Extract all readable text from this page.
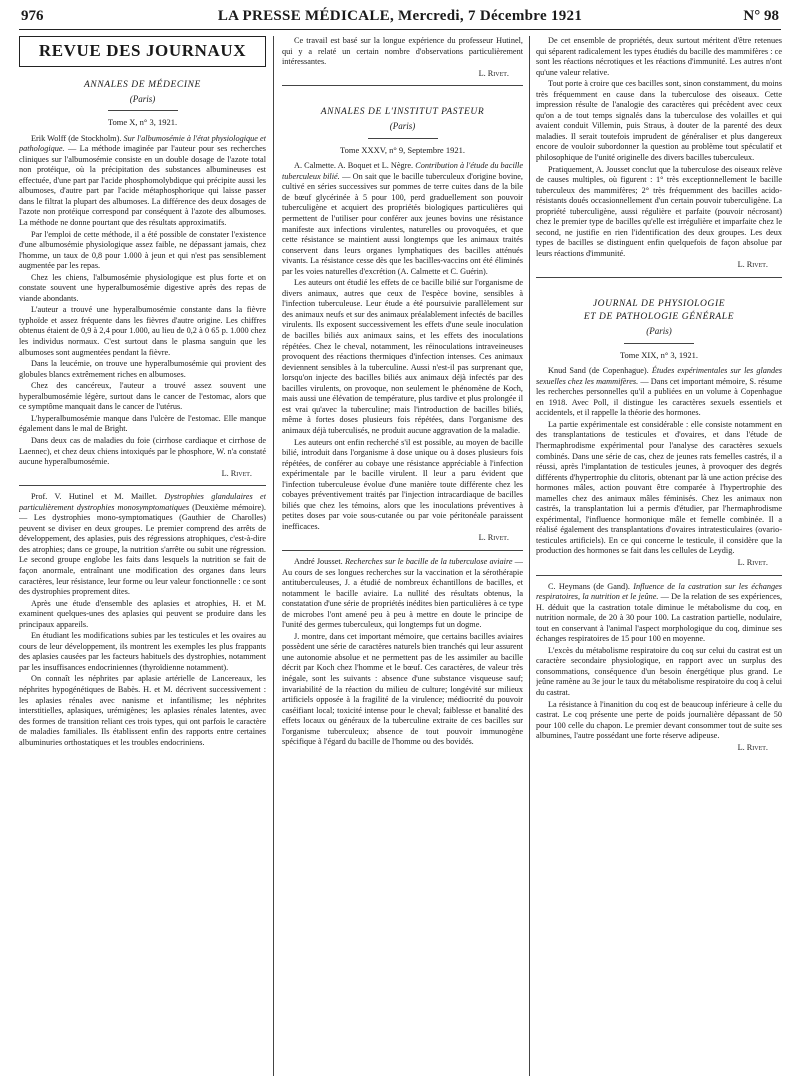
976	LA PRESSE MÉDICALE, Mercredi, 7 Décembre 1921	N° 98
REVUE DES JOURNAUX
ANNALES DE MÉDECINE
(Paris)
Tome X, n° 3, 1921.
Erik Wolff (de Stockholm). Sur l'albumosémie à l'état physiologique et pathologique. — La méthode imaginée par l'auteur pour ses recherches cliniques sur l'albumosémie consiste en un double dosage de l'azote total non protéique, où la précipitation des substances albumineuses est effectuée, d'une part par l'acide phosphomolybdique qui précipite aussi les albumoses, d'autre part par l'acide métaphosphorique qui laisse passer dans le filtrat la plupart des albumoses. La différence des deux dosages de l'azote non protéique correspond par conséquent à l'azote des albumoses. La méthode ne donne pourtant que des résultats approximatifs.
Par l'emploi de cette méthode, il a été possible de constater l'existence d'une albumosémie physiologique assez faible, ne dépassant jamais, chez l'homme, un taux de 0,8 pour 1.000 à jeun et qui n'est pas sensiblement augmentée par les repas.
Chez les chiens, l'albumosémie physiologique est plus forte et on constate souvent une hyperalbumosémie digestive après des repas de viande abondants.
L'auteur a trouvé une hyperalbumosémie constante dans la fièvre typhoïde et assez fréquente dans les fièvres d'autre origine. Les chiffres obtenus étaient de 0,9 à 2,4 pour 1.000, au lieu de 0,2 à 0 65 p. 1.000 chez les individus normaux. C'est surtout dans le plasma sanguin que les albumoses sont augmentées pendant la fièvre.
Dans la leucémie, on trouve une hyperalbumosémie qui provient des globules blancs extrêmement riches en albumoses.
Chez des cancéreux, l'auteur a trouvé assez souvent une hyperalbumosémie légère, surtout dans le cancer de l'estomac, alors que ce symptôme manquait dans le cancer de l'utérus.
L'hyperalbumosémie manque dans l'ulcère de l'estomac. Elle manque également dans le mal de Bright.
Dans deux cas de maladies du foie (cirrhose cardiaque et cirrhose de Laennec), et chez deux chiens intoxiqués par le phosphore, W. n'a constaté aucune hyperalbumosémie.
L. Rivet.
Prof. V. Hutinel et M. Maillet. Dystrophies glandulaires et particulièrement dystrophies monosymptomatiques (Deuxième mémoire). — Les dystrophies mono-symptomatiques (Gauthier de Charolles) peuvent se diviser en deux groupes. Le premier comprend des arrêts de développement, des aplasies, puis des régressions atrophiques, c'est-à-dire des atrophies; dans ce groupe, la nutrition s'arrête ou subit une régression. Le second groupe englobe les faits dans lesquels la nutrition se fait de façon anormale, entraînant une modification des organes dans leurs caractères, leur résistance, leur forme ou leur valeur fonctionnelle : ce sont des dystrophies proprement dites.
Après une étude d'ensemble des aplasies et atrophies, H. et M. examinent quelques-unes des aplasies qui peuvent se produire dans les principaux appareils.
En étudiant les modifications subies par les testicules et les ovaires au cours de leur développement, ils montrent les exemples les plus frappants des aplasies causées par les facteurs habituels des dystrophies, notamment par les insuffisances endocriniennes (thyroïdienne notamment).
On connaît les néphrites par aplasie artérielle de Lancereaux, les néphrites hypogénétiques de Babès. H. et M. décrivent successivement : les aplasies rénales avec nanisme et infantilisme; les néphrites interstitielles, aplasiques, urémigènes; les aplasies rénales latentes, avec des formes de transition reliant ces trois types, qui ont parfois le caractère de maladies familiales. Ils établissent enfin des rapports entre certaines albuminuries orthostatiques et les troubles endocriniens.
Ce travail est basé sur la longue expérience du professeur Hutinel, qui y a relaté un certain nombre d'observations particulièrement intéressantes.
L. Rivet.
ANNALES DE L'INSTITUT PASTEUR
(Paris)
Tome XXXV, n° 9, Septembre 1921.
A. Calmette. A. Boquet et L. Nègre. Contribution à l'étude du bacille tuberculeux bilié. — On sait que le bacille tuberculeux d'origine bovine, cultivé en séries successives sur pommes de terre cuites dans de la bile de bœuf glycérinée à 5 pour 100, perd graduellement son pouvoir tuberculigène et acquiert des propriétés biologiques particulières qui permettent de l'utiliser pour conférer aux jeunes bovins une résistance manifeste aux infections virulentes, naturelles ou provoquées, et que cette résistance se maintient aussi longtemps que les animaux traités conservent dans leurs organes lymphatiques des bacilles atténués vivants. La résistance cesse dès que les bacilles-vaccins ont été éliminés par les voies naturelles d'excrétion (A. Calmette et C. Guérin).
Les auteurs ont étudié les effets de ce bacille bilié sur l'organisme de divers animaux, autres que ceux de l'espèce bovine, sensibles à l'infection tuberculeuse. Leur étude a été poursuivie parallèlement sur des animaux neufs et sur des animaux préalablement infectés de bacilles virulents. Ils exposent successivement les effets d'une seule inoculation de bacilles biliés aux animaux sains, et les effets des inoculations répétées. Chez le cheval, notamment, les réinoculations intraveineuses provoquent des réactions thermiques d'infection intenses. Ces animaux deviennent sensibles à la tuberculine. Aussi n'est-il pas surprenant que, lorsqu'on injecte des bacilles biliés aux animaux déjà infectés par des bacilles virulents, on provoque, non seulement le phénomène de Koch, mais aussi une élévation de température, plus tardive et plus prolongée il est vrai qu'avec la tuberculine; mais l'introduction de bacilles biliés, même à fortes doses plusieurs fois répétées, dans l'organisme des animaux déjà tuberculisés, ne produit aucune aggravation de la maladie.
Les auteurs ont enfin recherché s'il est possible, au moyen de bacille bilié, introduit dans l'organisme à dose unique ou à doses plusieurs fois répétées, de conférer au cobaye une résistance appréciable à l'infection expérimentale par le bacille virulent. Il leur a paru évident que l'infection tuberculeuse évolue d'une manière toute différente chez les cobayes préventivement traités par l'injection intracardiaque de bacilles biliés que chez les témoins, alors que les inoculations préventives à petites doses par voie sous-cutanée ou par voie péritonéale paraissent inefficaces.
L. Rivet.
André Jousset. Recherches sur le bacille de la tuberculose aviaire — Au cours de ses longues recherches sur la vaccination et la sérothérapie antituberculeuses, J. a étudié de nombreux échantillons de bacilles, et notamment le bacille aviaire. La nullité des résultats obtenus, la constatation d'une série de propriétés inédites bien particulières à ce type de microbes l'ont amené peu à peu à mettre en doute le principe de l'unité des germes tuberculeux, qui longtemps fut un dogme.
J. montre, dans cet important mémoire, que certains bacilles aviaires possèdent une série de caractères naturels bien tranchés qui leur assurent une autonomie absolue et ne permettent pas de les assimiler au bacille décrit par Koch chez l'homme et le bœuf. Ces caractères, de valeur très inégale, sont les suivants : absence d'une substance visqueuse sauf; invariabilité de la réaction du milieu de culture; longévité sur milieux artificiels opposée à la fragilité de la virulence; médiocrité du pouvoir caséifiant local; toxicité intense pour le cheval; faiblesse et banalité des effets locaux ou généraux de la tuberculine extraite de ces bacilles sur l'organisme tuberculeux; absence de tout pouvoir immunogène spécifique à l'égard du bacille de l'homme ou des bovidés.
De cet ensemble de propriétés, deux surtout méritent d'être retenues qui séparent radicalement les types étudiés du bacille des mammifères : ce sont les réactions nécrotiques et les réactions d'immunité. Les autres n'ont qu'une valeur relative.
Tout porte à croire que ces bacilles sont, sinon constamment, du moins très fréquemment en cause dans la tuberculose des oiseaux. Cette impression résulte de l'analogie des caractères qui précèdent avec ceux qu'on a de tout temps signalés dans la tuberculose des volailles et qui avaient conduit Villemin, puis Straus, à douter de la parenté des deux maladies. Il serait toutefois imprudent de généraliser et plus dangereux encore de vouloir subordonner la question au problème tout spéculatif et philosophique de l'unité originelle des divers bacilles tuberculeux.
Pratiquement, A. Jousset conclut que la tuberculose des oiseaux relève de causes multiples, où figurent : 1° très exceptionnellement le bacille tuberculeux des mammifères; 2° très fréquemment des bacilles acido-résistants doués occasionnellement d'un certain pouvoir tuberculigène. La propriété tuberculigène, aussi régulière et parfaite (pouvoir nécrosant) chez le premier type de bacilles qu'elle est irrégulière et imparfaite chez le second, ne justifie en rien l'identification des deux groupes. Les deux types de bacilles se distinguent enfin quelquefois de façon absolue par leurs réactions d'immunité.
L. Rivet.
JOURNAL DE PHYSIOLOGIE
ET DE PATHOLOGIE GÉNÉRALE
(Paris)
Tome XIX, n° 3, 1921.
Knud Sand (de Copenhague). Études expérimentales sur les glandes sexuelles chez les mammifères. — Dans cet important mémoire, S. résume les recherches personnelles qu'il a publiées en un volume à Copenhague en 1918. Avec Poll, il distingue les caractères sexuels essentiels et accidentels, et il rappelle la théorie des hormones.
La partie expérimentale est considérable : elle consiste notamment en des transplantations de testicules et d'ovaires, et dans l'étude de l'hermaphrodisme expérimental pour l'analyse des caractères sexuels combinés. Dans une série de cas, chez de jeunes rats femelles castrés, il a réussi, après l'implantation de testicules jeunes, à provoquer des degrés différents d'hypertrophie du clitoris, obtenant par là une action précise des hormones mâles, action pouvant être comparée à l'hypertrophie des mamelles chez des animaux mâles féminisés. Chez les animaux non castrés, la transplantation lui a permis d'étudier, par l'hermaphrodisme expérimental, l'influence hormonique mâle et femelle combinée. Il a réalisé également des transplantations d'ovaires intratesticulaires (ovario-testicules artificiels). En ce qui concerne le testicule, il considère que la production des hormones se fait dans les cellules de Leydig.
L. Rivet.
C. Heymans (de Gand). Influence de la castration sur les échanges respiratoires, la nutrition et le jeûne. — De la relation de ses expériences, H. déduit que la castration totale diminue le métabolisme du coq, en nutrition normale, de 20 à 30 pour 100. La castration partielle, nodulaire, tout en conservant à l'animal l'aspect morphologique du coq, diminue ses échanges respiratoires de 15 pour 100 en moyenne.
L'excès du métabolisme respiratoire du coq sur celui du castrat est un caractère secondaire physiologique, en rapport avec un surplus des consommations, conséquence d'un besoin énergétique plus grand. Le jeûne ramène au 3e jour le taux du métabolisme respiratoire du coq à celui du castrat.
La résistance à l'inanition du coq est de beaucoup inférieure à celle du castrat. Le coq présente une perte de poids journalière dépassant de 50 pour 100 celle du chapon. Le premier devant consommer tout de suite ses albumines, l'autre possédant une forte réserve adipeuse.
L. Rivet.
